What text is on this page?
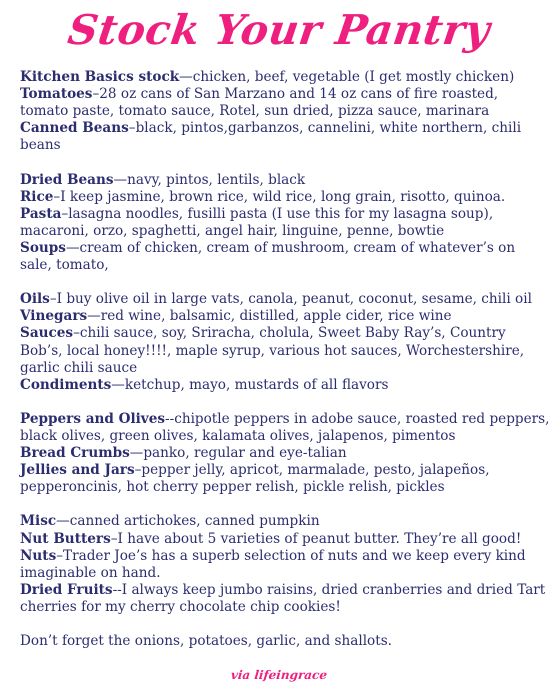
Stock Your Pantry

Kitchen Basics stock—chicken, beef, vegetable (I get mostly chicken)

Tomatoes–28 oz cans of San Marzano and 14 oz cans of fire roasted, tomato paste, tomato sauce, Rotel, sun dried, pizza sauce, marinara

Canned Beans–black, pintos,garbanzos, cannelini, white northern, chili beans

Dried Beans—navy, pintos, lentils, black

Rice–I keep jasmine, brown rice, wild rice, long grain, risotto, quinoa.

Pasta–lasagna noodles, fusilli pasta (I use this for my lasagna soup), macaroni, orzo, spaghetti, angel hair, linguine, penne, bowtie

Soups—cream of chicken, cream of mushroom, cream of whatever’s on sale, tomato,

Oils–I buy olive oil in large vats, canola, peanut, coconut, sesame, chili oil

Vinegars—red wine, balsamic, distilled, apple cider, rice wine

Sauces–chili sauce, soy, Sriracha, cholula, Sweet Baby Ray’s, Country Bob’s, local honey!!!!, maple syrup, various hot sauces, Worchestershire, garlic chili sauce

Condiments—ketchup, mayo, mustards of all flavors

Peppers and Olives--chipotle peppers in adobe sauce, roasted red peppers, black olives, green olives, kalamata olives, jalapenos, pimentos

Bread Crumbs—panko, regular and eye-talian

Jellies and Jars–pepper jelly, apricot, marmalade, pesto, jalapeños, pepperoncinis, hot cherry pepper relish, pickle relish, pickles

Misc—canned artichokes, canned pumpkin

Nut Butters–I have about 5 varieties of peanut butter. They’re all good!

Nuts–Trader Joe’s has a superb selection of nuts and we keep every kind imaginable on hand.

Dried Fruits--I always keep jumbo raisins, dried cranberries and dried Tart cherries for my cherry chocolate chip cookies!

Don’t forget the onions, potatoes, garlic, and shallots.

via lifeingrace
